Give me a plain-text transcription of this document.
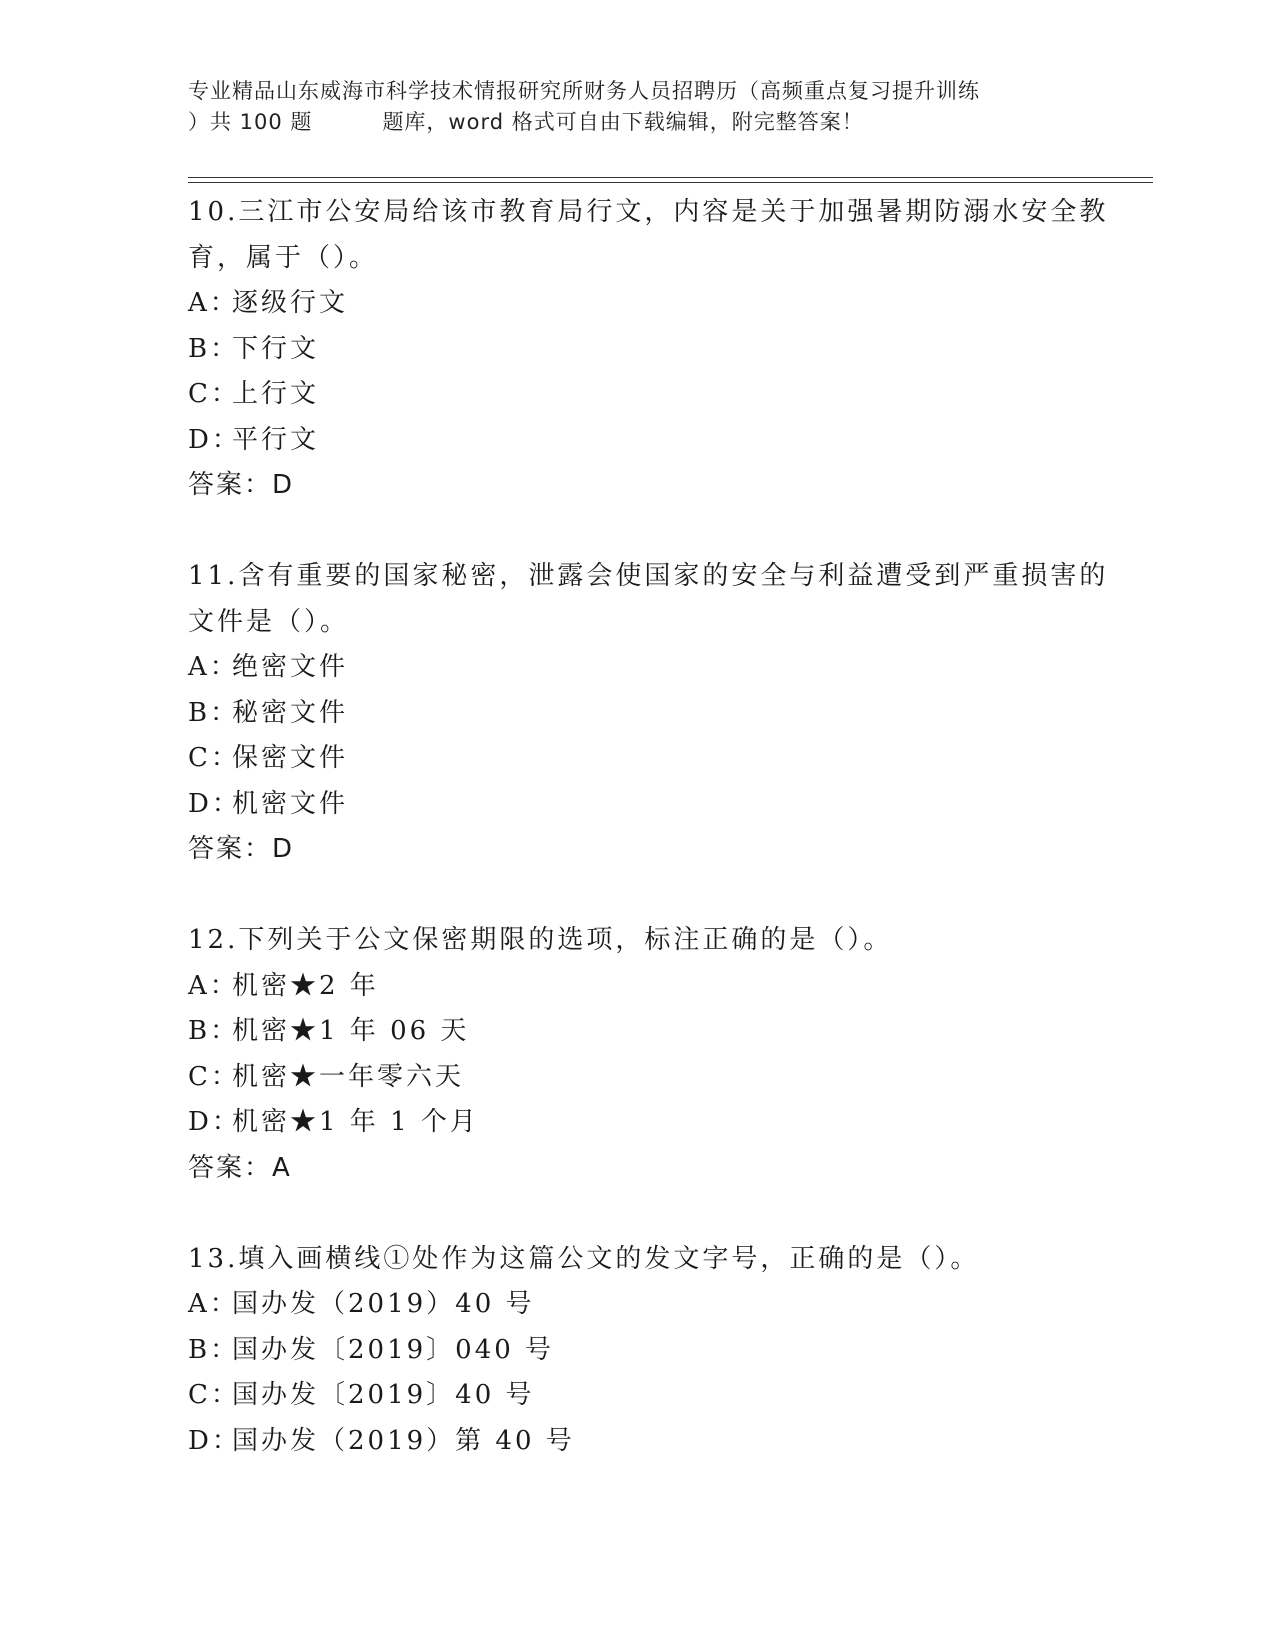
专业精品山东威海市科学技术情报研究所财务人员招聘历（高频重点复习提升训练
）共 100 题	题库，word 格式可自由下载编辑，附完整答案！

10.三江市公安局给该市教育局行文，内容是关于加强暑期防溺水安全教育，属于（）。

A：逐级行文

B：下行文

C：上行文

D：平行文

答案：D

11.含有重要的国家秘密，泄露会使国家的安全与利益遭受到严重损害的文件是（）。

A：绝密文件

B：秘密文件

C：保密文件

D：机密文件

答案：D

12.下列关于公文保密期限的选项，标注正确的是（）。

A：机密★2 年

B：机密★1 年 06 天

C：机密★一年零六天

D：机密★1 年 1 个月

答案：A

13.填入画横线①处作为这篇公文的发文字号，正确的是（）。

A：国办发（2019）40 号

B：国办发〔2019〕040 号

C：国办发〔2019〕40 号

D：国办发（2019）第 40 号
